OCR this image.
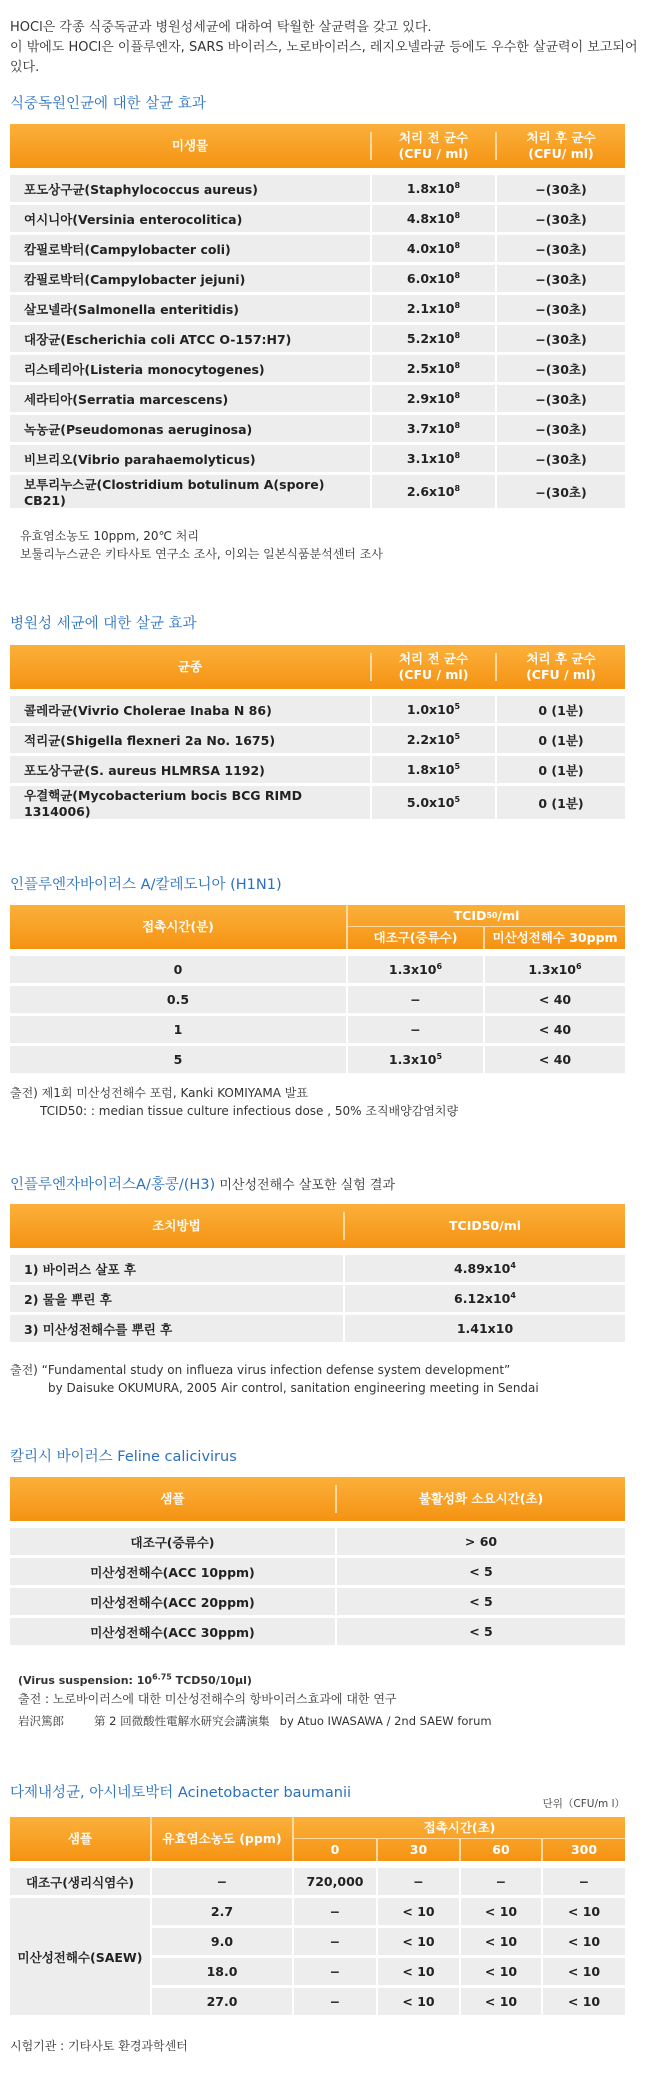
HOCl은 각종 식중독균과 병원성세균에 대하여 탁월한 살균력을 갖고 있다.
이 밖에도 HOCl은 이플루엔자, SARS 바이러스, 노로바이러스, 레지오넬라균 등에도 우수한 살균력이 보고되어 있다.
식중독원인균에 대한 살균 효과
미생물
처리 전 균수
(CFU / ml)
처리 후 균수
(CFU/ ml)
포도상구균(Staphylococcus aureus)	$1.8x10^8$	−(30초)
여시니아(Versinia enterocolitica)	$4.8x10^8$	−(30초)
캄필로박터(Campylobacter coli)	$4.0x10^8$	−(30초)
캄필로박터(Campylobacter jejuni)	$6.0x10^8$	−(30초)
살모넬라(Salmonella enteritidis)	$2.1x10^8$	−(30초)
대장균(Escherichia coli ATCC O-157:H7)	$5.2x10^8$	−(30초)
리스테리아(Listeria monocytogenes)	$2.5x10^8$	−(30초)
세라티아(Serratia marcescens)	$2.9x10^8$	−(30초)
녹농균(Pseudomonas aeruginosa)	$3.7x10^8$	−(30초)
비브리오(Vibrio parahaemolyticus)	$3.1x10^8$	−(30초)
보투리누스균(Clostridium botulinum A(spore) CB21)	$2.6x10^8$	−(30초)
유효염소농도 10ppm, 20℃ 처리
보툴리누스균은 키타사토 연구소 조사, 이외는 일본식품분석센터 조사
병원성 세균에 대한 살균 효과
균종
처리 전 균수
(CFU / ml)
처리 후 균수
(CFU / ml)
콜레라균(Vivrio Cholerae Inaba N 86)	$1.0x10^5$	0 (1분)
적리균(Shigella flexneri 2a No. 1675)	$2.2x10^5$	0 (1분)
포도상구균(S. aureus HLMRSA 1192)	$1.8x10^5$	0 (1분)
우결핵균(Mycobacterium bocis BCG RIMD 1314006)	$5.0x10^5$	0 (1분)
인플루엔자바이러스 A/칼레도니아 (H1N1)
접촉시간(분)
TCID 50 /ml
대조구(증류수)	미산성전해수 30ppm
0	$1.3x10^6$	$1.3x10^6$
0.5	−	< 40
1	−	< 40
5	$1.3x10^5$	< 40
출전) 제1회 미산성전해수 포럼, Kanki KOMIYAMA 발표
TCID50: : median tissue culture infectious dose , 50% 조직배양감염치량
인플루엔자바이러스A/홍콩/(H3) 미산성전해수 살포한 실험 결과
조치방법	TCID50/ml
1) 바이러스 살포 후	$4.89x10^4$
2) 물을 뿌린 후	$6.12x10^4$
3) 미산성전해수를 뿌린 후	1.41x10
출전) “Fundamental study on influeza virus infection defense system development”
by Daisuke OKUMURA, 2005 Air control, sanitation engineering meeting in Sendai
칼리시 바이러스 Feline calicivirus
샘플	불활성화 소요시간(초)
대조구(증류수)	> 60
미산성전해수(ACC 10ppm)	< 5
미산성전해수(ACC 20ppm)	< 5
미산성전해수(ACC 30ppm)	< 5
(Virus suspension: $10^{6.75}$ TCD50/10μl)
출전 : 노로바이러스에 대한 미산성전해수의 항바이러스효과에 대한 연구
岩沢篤郎	第 2 回微酸性電解水研究会講演集 by Atuo IWASAWA / 2nd SAEW forum
다제내성균, 아시네토박터 Acinetobacter baumanii
단위（CFU/m l）
샘플	유효염소농도 (ppm)
접촉시간(초)
0	30	60	300
대조구(생리식염수)	−	720,000	−	−	−
미산성전해수(SAEW)	2.7	−	< 10	< 10	< 10
	9.0	−	< 10	< 10	< 10
	18.0	−	< 10	< 10	< 10
	27.0	−	< 10	< 10	< 10
시험기관 : 기타사토 환경과학센터
